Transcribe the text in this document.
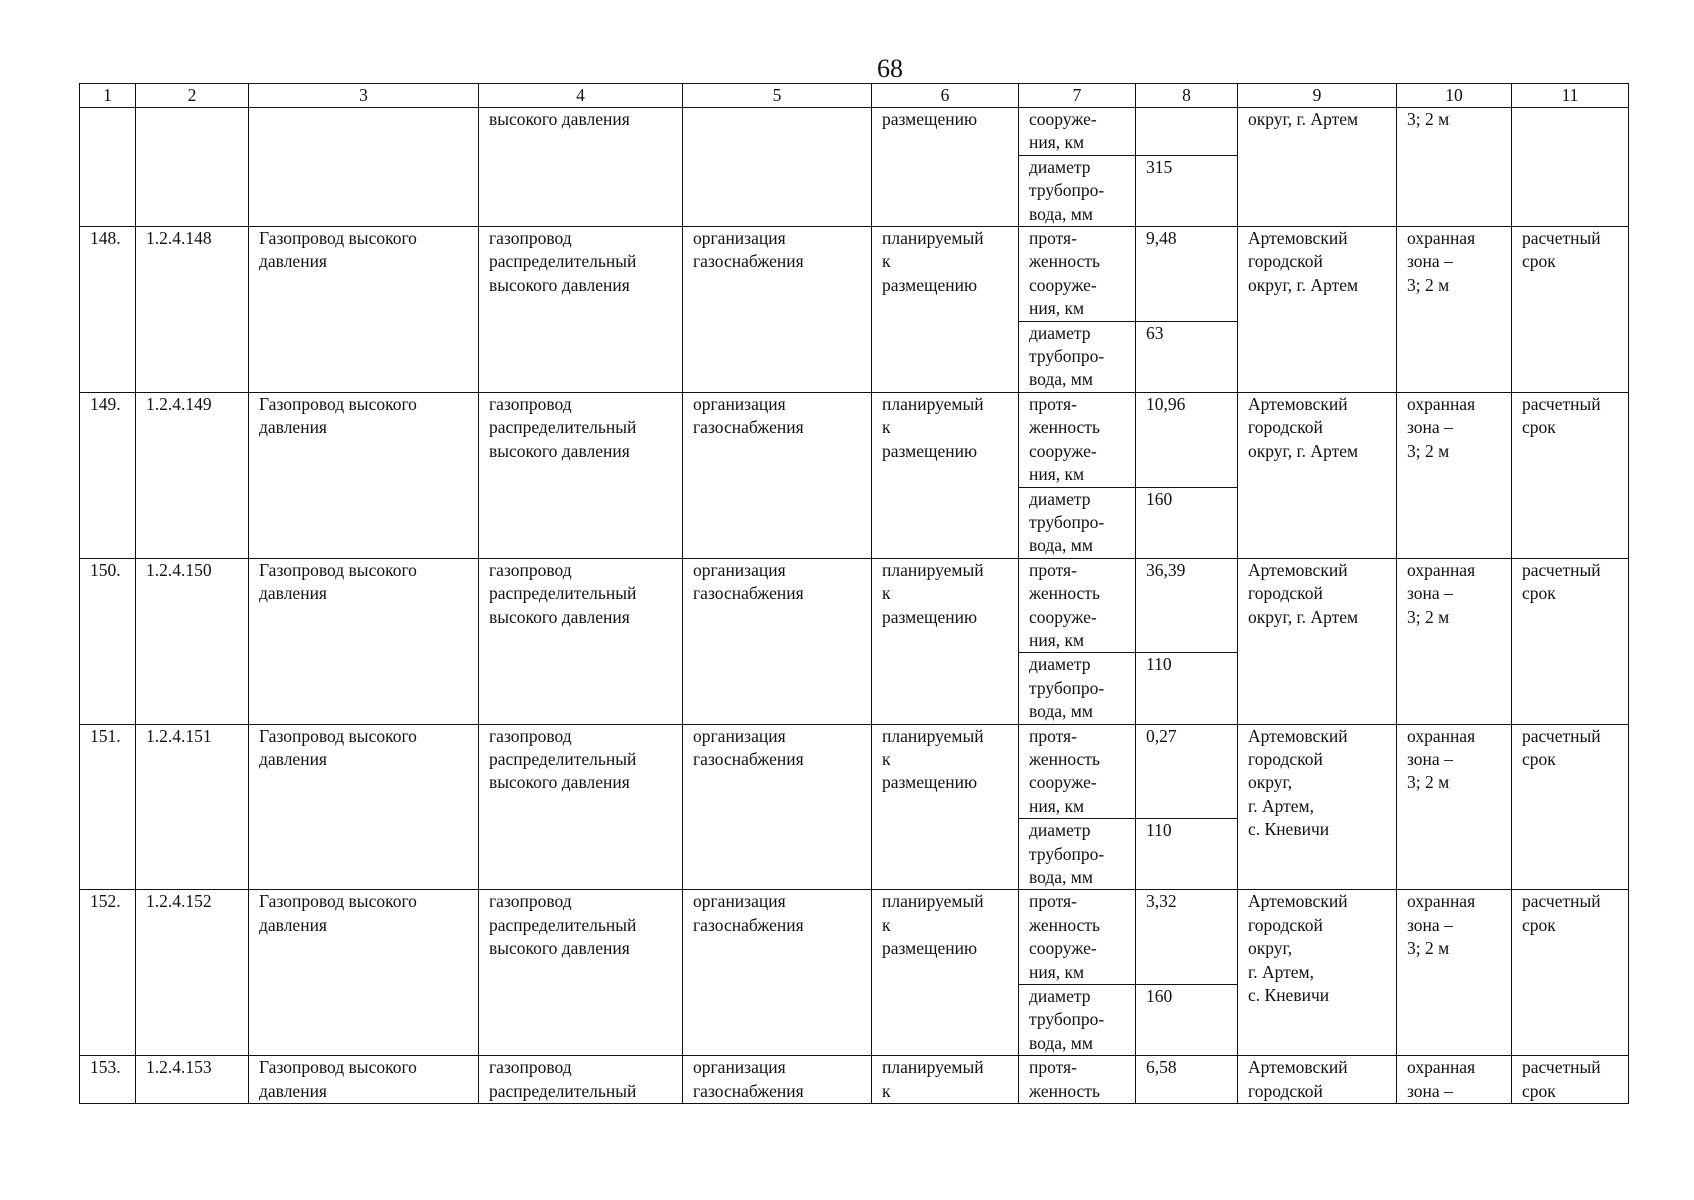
68
1	2	3	4	5	6	7	8	9	10	11

			высокого давления		размещению	сооруже-
ния, км		округ, г. Артем	3; 2 м	

						диаметр
трубопро-
вода, мм	315			

148.	1.2.4.148	Газопровод высокого
давления	газопровод
распределительный
высокого давления	организация
газоснабжения	планируемый
к
размещению	протя-
женность
сооруже-
ния, км	9,48	Артемовский
городской
округ, г. Артем	охранная
зона –
3; 2 м	расчетный
срок

						диаметр
трубопро-
вода, мм	63			
149.	1.2.4.149	Газопровод высокого
давления	газопровод
распределительный
высокого давления	организация
газоснабжения	планируемый
к
размещению	протя-
женность
сооруже-
ния, км	10,96	Артемовский
городской
округ, г. Артем	охранная
зона –
3; 2 м	расчетный
срок

						диаметр
трубопро-
вода, мм	160			
150.	1.2.4.150	Газопровод высокого
давления	газопровод
распределительный
высокого давления	организация
газоснабжения	планируемый
к
размещению	протя-
женность
сооруже-
ния, км	36,39	Артемовский
городской
округ, г. Артем	охранная
зона –
3; 2 м	расчетный
срок

						диаметр
трубопро-
вода, мм	110			
151.	1.2.4.151	Газопровод высокого
давления	газопровод
распределительный
высокого давления	организация
газоснабжения	планируемый
к
размещению	протя-
женность
сооруже-
ния, км	0,27	Артемовский
городской
округ,
г. Артем,
с. Кневичи	охранная
зона –
3; 2 м	расчетный
срок

						диаметр
трубопро-
вода, мм	110			
152.	1.2.4.152	Газопровод высокого
давления	газопровод
распределительный
высокого давления	организация
газоснабжения	планируемый
к
размещению	протя-
женность
сооруже-
ния, км	3,32	Артемовский
городской
округ,
г. Артем,
с. Кневичи	охранная
зона –
3; 2 м	расчетный
срок

						диаметр
трубопро-
вода, мм	160			
153.	1.2.4.153	Газопровод высокого
давления	газопровод
распределительный	организация
газоснабжения	планируемый
к	протя-
женность	6,58	Артемовский
городской	охранная
зона –	расчетный
срок
